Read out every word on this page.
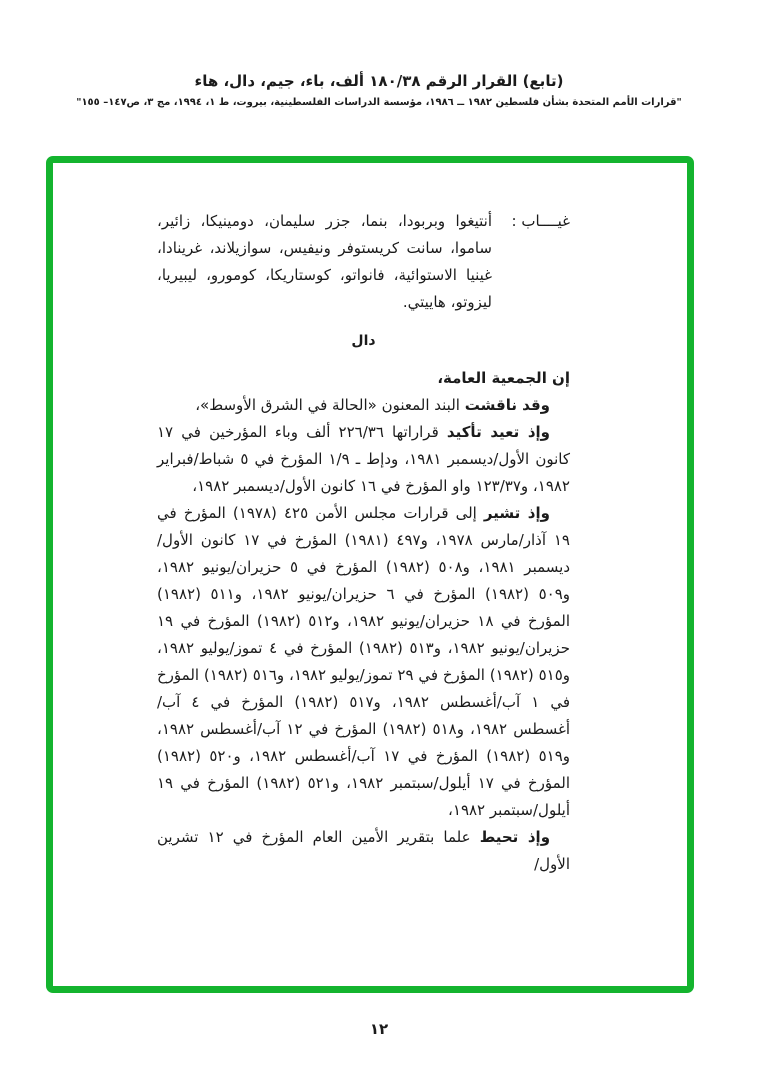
(تابع) القرار الرقم ١٨٠/٣٨ ألف، باء، جيم، دال، هاء

"قرارات الأمم المتحدة بشأن فلسطين ١٩٨٢ ــ ١٩٨٦، مؤسسة الدراسات الفلسطينية، بيروت، ط ١، ١٩٩٤، مج ٣، ص١٤٧– ١٥٥"

غيــــاب :
أنتيغوا وبربودا، بنما، جزر سليمان، دومينيكا، زائير، ساموا، سانت كريستوفر ونيفيس، سوازيلاند، غرينادا، غينيا الاستوائية، فانواتو، كوستاريكا، كومورو، ليبيريا، ليزوتو، هاييتي.
دال

إن الجمعية العامة،

وقد ناقشت البند المعنون «الحالة في الشرق الأوسط»،

وإذ تعيد تأكيد قراراتها ٢٢٦/٣٦ ألف وباء المؤرخين في ١٧ كانون الأول/ديسمبر ١٩٨١، ودإط ـ ١/٩ المؤرخ في ٥ شباط/فبراير ١٩٨٢، و١٢٣/٣٧ واو المؤرخ في ١٦ كانون الأول/ديسمبر ١٩٨٢،

وإذ تشير إلى قرارات مجلس الأمن ٤٢٥ (١٩٧٨) المؤرخ في ١٩ آذار/مارس ١٩٧٨، و٤٩٧ (١٩٨١) المؤرخ في ١٧ كانون الأول/ديسمبر ١٩٨١، و٥٠٨ (١٩٨٢) المؤرخ في ٥ حزيران/يونيو ١٩٨٢، و٥٠٩ (١٩٨٢) المؤرخ في ٦ حزيران/يونيو ١٩٨٢، و٥١١ (١٩٨٢) المؤرخ في ١٨ حزيران/يونيو ١٩٨٢، و٥١٢ (١٩٨٢) المؤرخ في ١٩ حزيران/يونيو ١٩٨٢، و٥١٣ (١٩٨٢) المؤرخ في ٤ تموز/يوليو ١٩٨٢، و٥١٥ (١٩٨٢) المؤرخ في ٢٩ تموز/يوليو ١٩٨٢، و٥١٦ (١٩٨٢) المؤرخ في ١ آب/أغسطس ١٩٨٢، و٥١٧ (١٩٨٢) المؤرخ في ٤ آب/أغسطس ١٩٨٢، و٥١٨ (١٩٨٢) المؤرخ في ١٢ آب/أغسطس ١٩٨٢، و٥١٩ (١٩٨٢) المؤرخ في ١٧ آب/أغسطس ١٩٨٢، و٥٢٠ (١٩٨٢) المؤرخ في ١٧ أيلول/سبتمبر ١٩٨٢، و٥٢١ (١٩٨٢) المؤرخ في ١٩ أيلول/سبتمبر ١٩٨٢،

وإذ تحيط علما بتقرير الأمين العام المؤرخ في ١٢ تشرين الأول/

١٢
